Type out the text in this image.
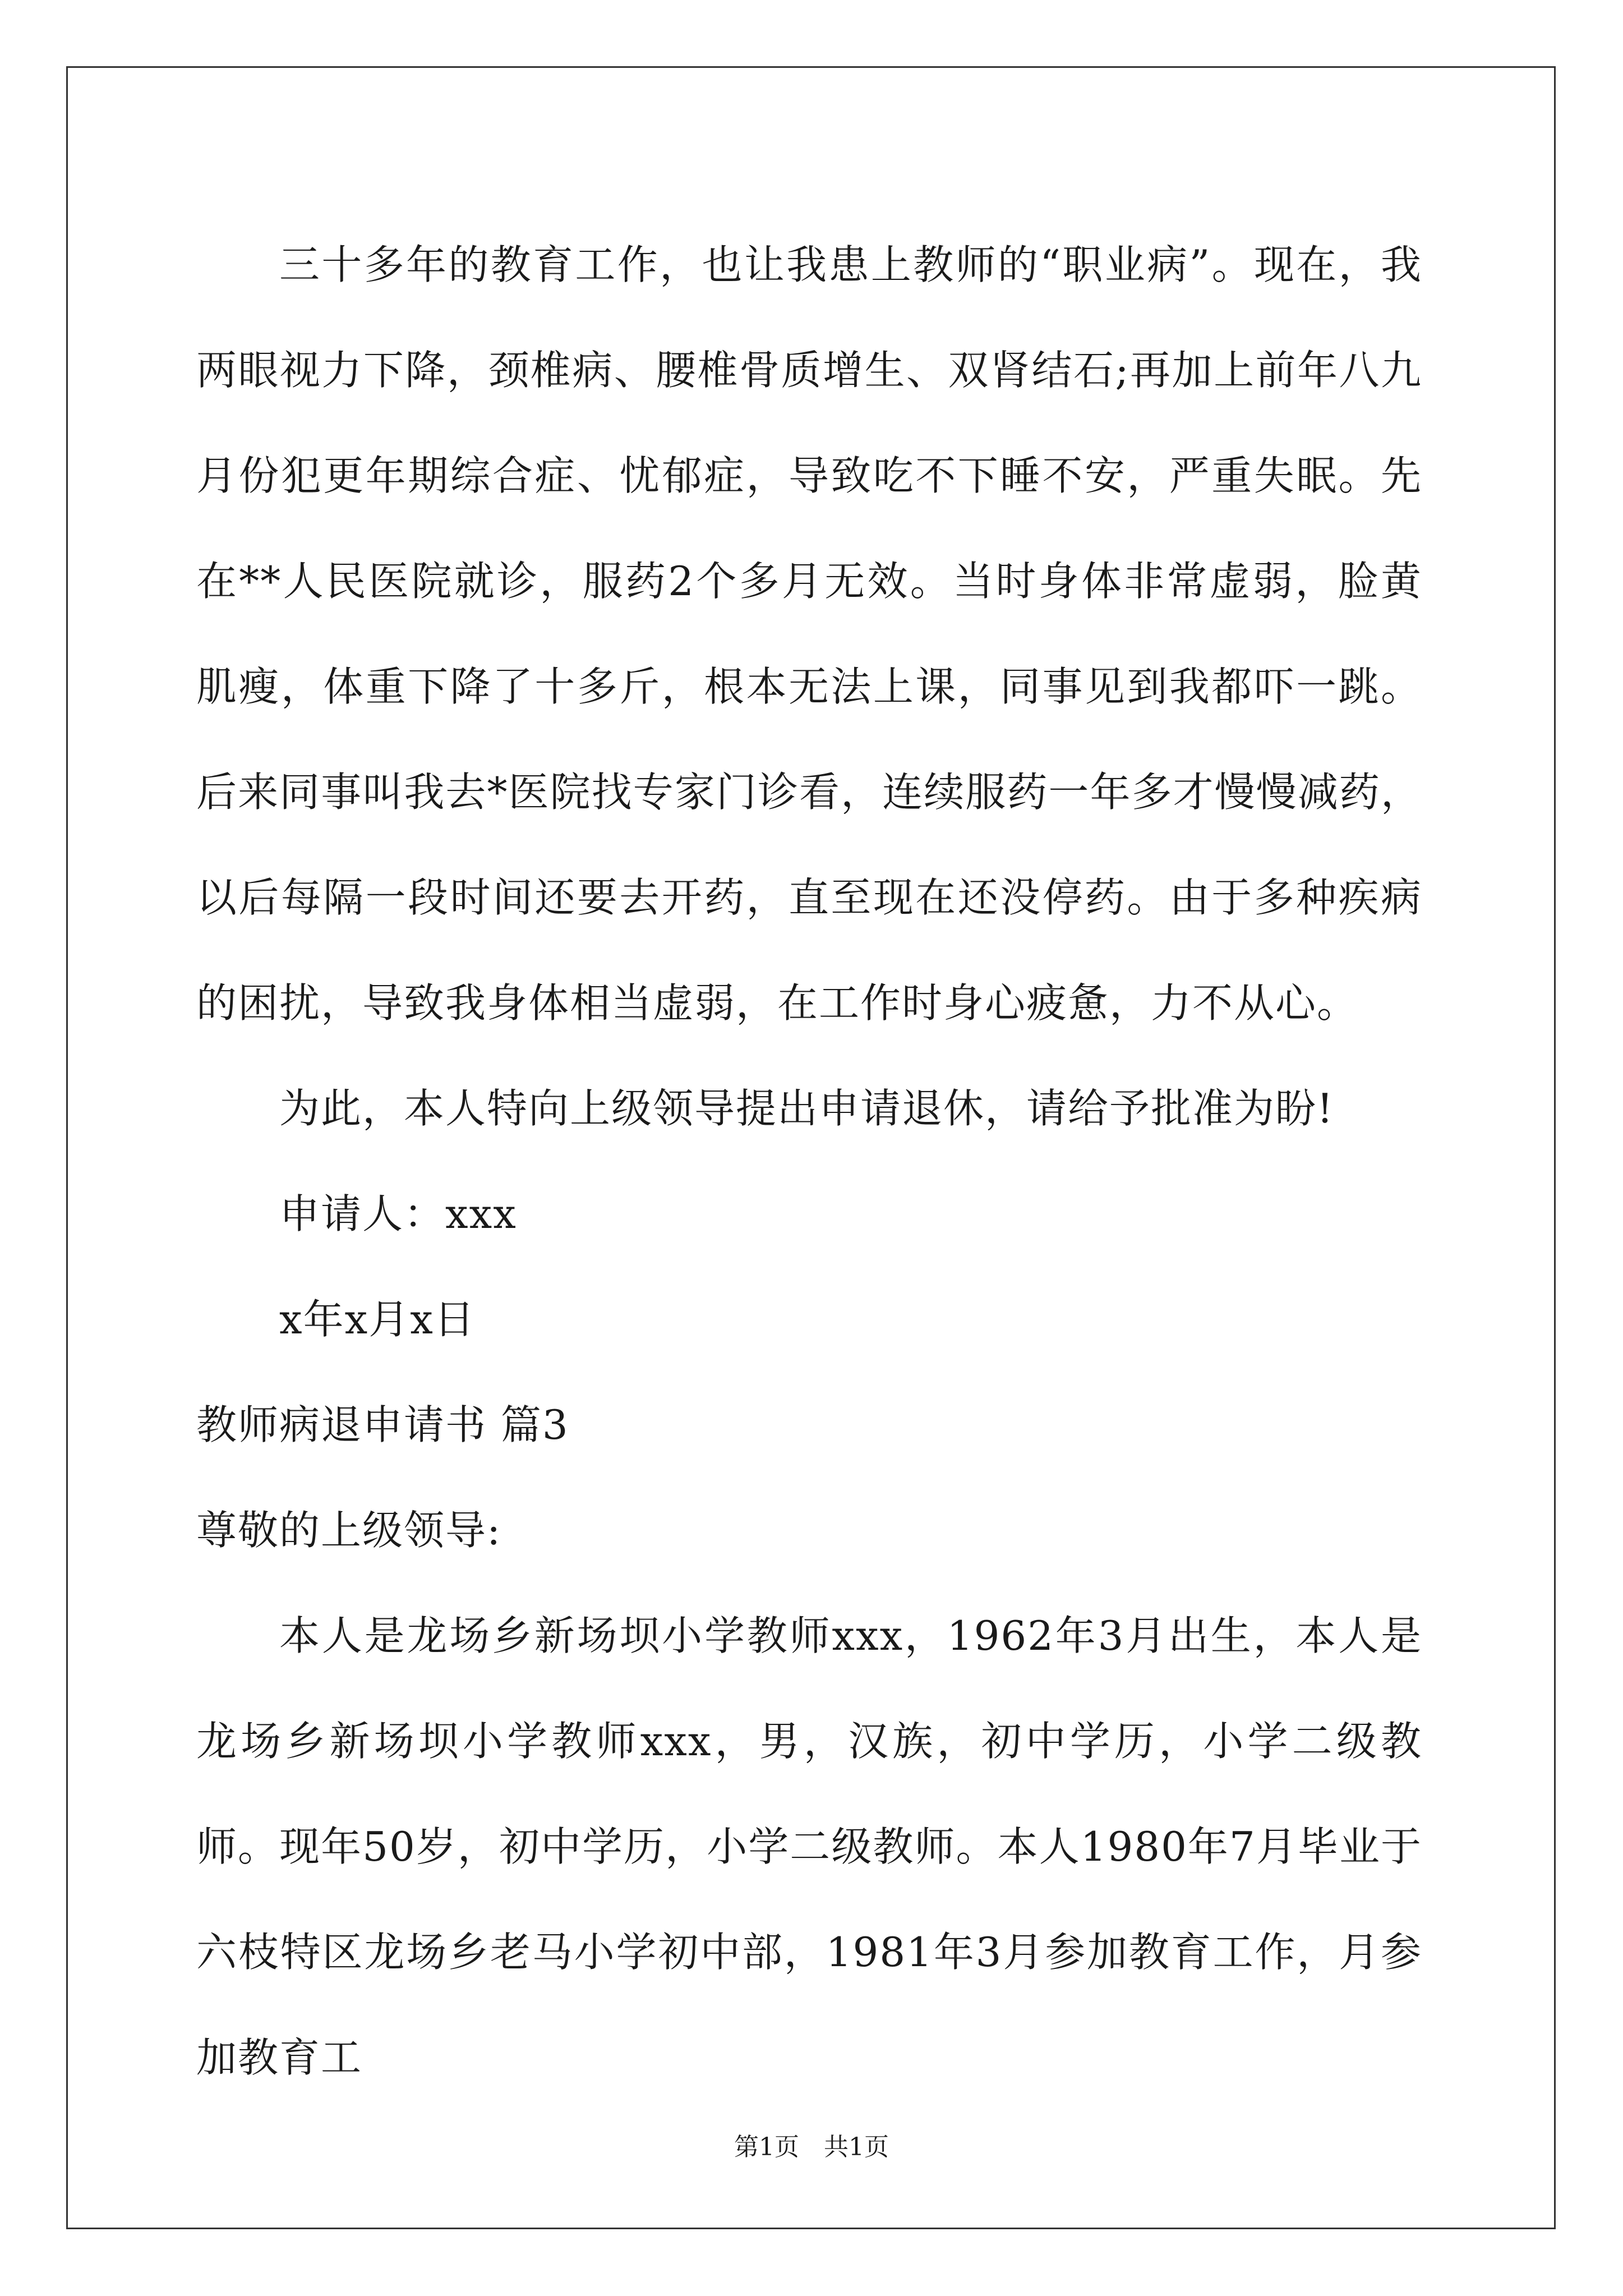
三十多年的教育工作，也让我患上教师的“职业病”。现在，我两眼视力下降，颈椎病、腰椎骨质增生、双肾结石;再加上前年八九月份犯更年期综合症、忧郁症，导致吃不下睡不安，严重失眠。先在**人民医院就诊，服药2个多月无效。当时身体非常虚弱，脸黄肌瘦，体重下降了十多斤，根本无法上课，同事见到我都吓一跳。后来同事叫我去*医院找专家门诊看，连续服药一年多才慢慢减药，以后每隔一段时间还要去开药，直至现在还没停药。由于多种疾病的困扰，导致我身体相当虚弱，在工作时身心疲惫，力不从心。

为此，本人特向上级领导提出申请退休，请给予批准为盼!

申请人：xxx

x年x月x日

教师病退申请书 篇3

尊敬的上级领导:

本人是龙场乡新场坝小学教师xxx，1962年3月出生，本人是龙场乡新场坝小学教师xxx，男，汉族，初中学历，小学二级教师。现年50岁，初中学历，小学二级教师。本人1980年7月毕业于六枝特区龙场乡老马小学初中部，1981年3月参加教育工作，月参加教育工

第1页　共1页
